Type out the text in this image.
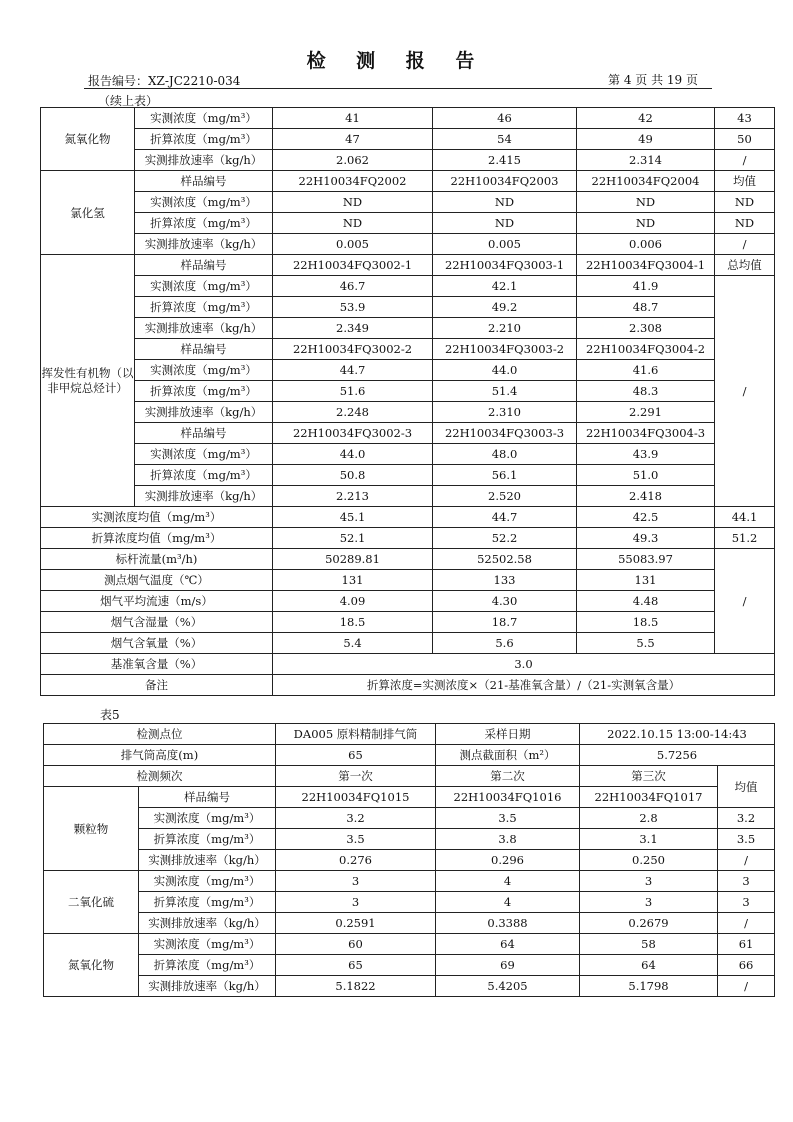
检 测 报 告
报告编号：XZ-JC2210-034	第 4 页 共 19 页
（续上表）
氮氧化物	实测浓度（mg/m³）	41	46	42	43
	折算浓度（mg/m³）	47	54	49	50
	实测排放速率（kg/h）	2.062	2.415	2.314	/
氯化氢	样品编号	22H10034FQ2002	22H10034FQ2003	22H10034FQ2004	均值
	实测浓度（mg/m³）	ND	ND	ND	ND
	折算浓度（mg/m³）	ND	ND	ND	ND
	实测排放速率（kg/h）	0.005	0.005	0.006	/
挥发性有机物（以非甲烷总烃计）	样品编号	22H10034FQ3002-1	22H10034FQ3003-1	22H10034FQ3004-1	总均值
	实测浓度（mg/m³）	46.7	42.1	41.9	/
	折算浓度（mg/m³）	53.9	49.2	48.7	
	实测排放速率（kg/h）	2.349	2.210	2.308	
	样品编号	22H10034FQ3002-2	22H10034FQ3003-2	22H10034FQ3004-2	
	实测浓度（mg/m³）	44.7	44.0	41.6	
	折算浓度（mg/m³）	51.6	51.4	48.3	
	实测排放速率（kg/h）	2.248	2.310	2.291	
	样品编号	22H10034FQ3002-3	22H10034FQ3003-3	22H10034FQ3004-3	
	实测浓度（mg/m³）	44.0	48.0	43.9	
	折算浓度（mg/m³）	50.8	56.1	51.0	
	实测排放速率（kg/h）	2.213	2.520	2.418	
实测浓度均值（mg/m³）		45.1	44.7	42.5	44.1
折算浓度均值（mg/m³）		52.1	52.2	49.3	51.2
标杆流量(m³/h)		50289.81	52502.58	55083.97	/
测点烟气温度（℃）		131	133	131	
烟气平均流速（m/s）		4.09	4.30	4.48	
烟气含湿量（%）		18.5	18.7	18.5	
烟气含氧量（%）		5.4	5.6	5.5	
基准氧含量（%）		3.0			
备注		折算浓度=实测浓度×（21-基准氧含量）/（21-实测氧含量）			
表5
检测点位		DA005 原料精制排气筒	采样日期	2022.10.15 13:00-14:43	
排气筒高度(m)		65	测点截面积（m²）	5.7256	
检测频次		第一次	第二次	第三次	均值
颗粒物	样品编号	22H10034FQ1015	22H10034FQ1016	22H10034FQ1017	
	实测浓度（mg/m³）	3.2	3.5	2.8	3.2
	折算浓度（mg/m³）	3.5	3.8	3.1	3.5
	实测排放速率（kg/h）	0.276	0.296	0.250	/
二氧化硫	实测浓度（mg/m³）	3	4	3	3
	折算浓度（mg/m³）	3	4	3	3
	实测排放速率（kg/h）	0.2591	0.3388	0.2679	/
氮氧化物	实测浓度（mg/m³）	60	64	58	61
	折算浓度（mg/m³）	65	69	64	66
	实测排放速率（kg/h）	5.1822	5.4205	5.1798	/
